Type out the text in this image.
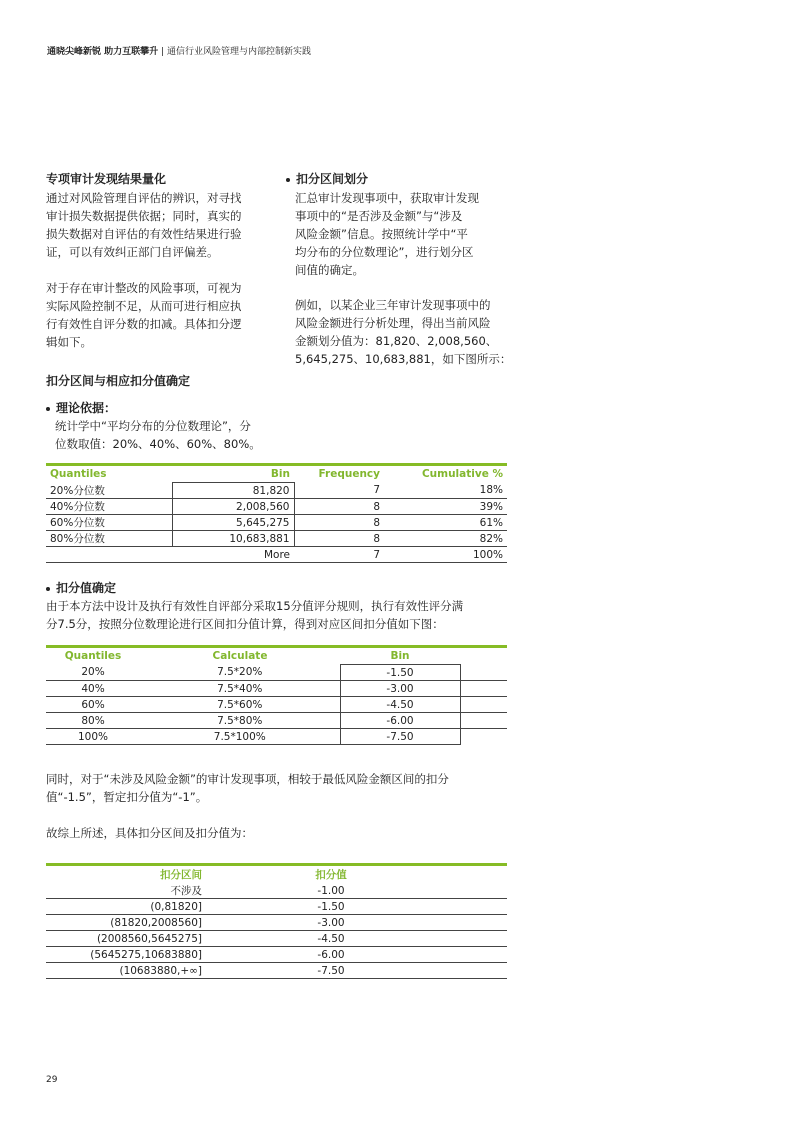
通晓尖峰新锐 助力互联攀升 | 通信行业风险管理与内部控制新实践
专项审计发现结果量化

通过对风险管理自评估的辨识，对寻找
审计损失数据提供依据；同时，真实的
损失数据对自评估的有效性结果进行验
证，可以有效纠正部门自评偏差。

对于存在审计整改的风险事项，可视为
实际风险控制不足，从而可进行相应执
行有效性自评分数的扣减。具体扣分逻
辑如下。

扣分区间与相应扣分值确定
理论依据：

统计学中“平均分布的分位数理论”，分
位数取值：20%、40%、60%、80%。

扣分区间划分

汇总审计发现事项中，获取审计发现
事项中的“是否涉及金额”与“涉及
风险金额”信息。按照统计学中“平
均分布的分位数理论”，进行划分区
间值的确定。

例如，以某企业三年审计发现事项中的
风险金额进行分析处理，得出当前风险
金额划分值为：81,820、2,008,560、
5,645,275、10,683,881，如下图所示：

Quantiles	Bin	Frequency	Cumulative %
20%分位数	81,820	7	18%
40%分位数	2,008,560	8	39%
60%分位数	5,645,275	8	61%
80%分位数	10,683,881	8	82%
	More	7	100%
扣分值确定

由于本方法中设计及执行有效性自评部分采取15分值评分规则，执行有效性评分满
分7.5分，按照分位数理论进行区间扣分值计算，得到对应区间扣分值如下图：

Quantiles	Calculate	Bin	
20%	7.5*20%	-1.50	
40%	7.5*40%	-3.00	
60%	7.5*60%	-4.50	
80%	7.5*80%	-6.00	
100%	7.5*100%	-7.50	

同时，对于“未涉及风险金额”的审计发现事项，相较于最低风险金额区间的扣分
值“-1.5”，暂定扣分值为“-1”。

故综上所述，具体扣分区间及扣分值为：

扣分区间	扣分值	
不涉及	-1.00	
(0,81820]	-1.50	
(81820,2008560]	-3.00	
(2008560,5645275]	-4.50	
(5645275,10683880]	-6.00	
(10683880,+∞]	-7.50	
29
